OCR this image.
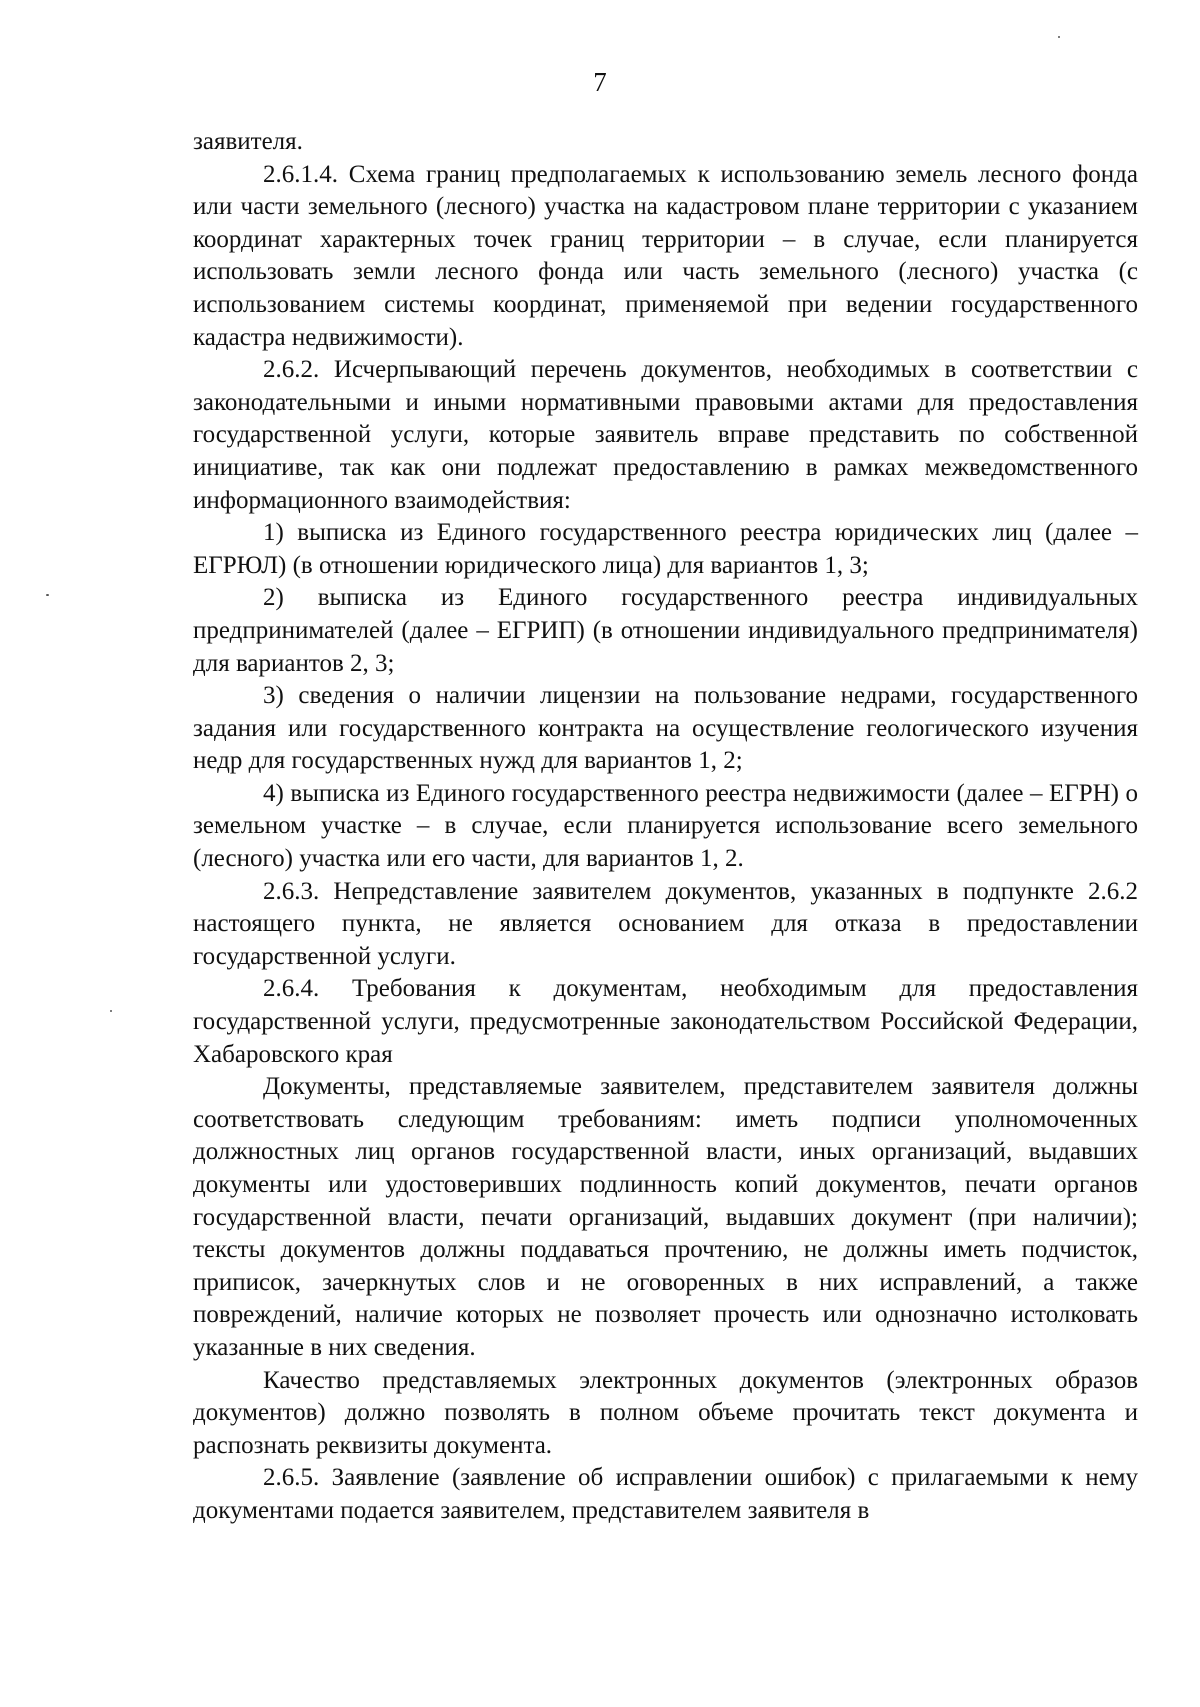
7

заявителя.

2.6.1.4. Схема границ предполагаемых к использованию земель лесного фонда или части земельного (лесного) участка на кадастровом плане территории с указанием координат характерных точек границ территории – в случае, если планируется использовать земли лесного фонда или часть земельного (лесного) участка (с использованием системы координат, применяемой при ведении государственного кадастра недвижимости).

2.6.2. Исчерпывающий перечень документов, необходимых в соответствии с законодательными и иными нормативными правовыми актами для предоставления государственной услуги, которые заявитель вправе представить по собственной инициативе, так как они подлежат предоставлению в рамках межведомственного информационного взаимодействия:

1) выписка из Единого государственного реестра юридических лиц (далее – ЕГРЮЛ) (в отношении юридического лица) для вариантов 1, 3;

2) выписка из Единого государственного реестра индивидуальных предпринимателей (далее – ЕГРИП) (в отношении индивидуального предпринимателя) для вариантов 2, 3;

3) сведения о наличии лицензии на пользование недрами, государственного задания или государственного контракта на осуществление геологического изучения недр для государственных нужд для вариантов 1, 2;

4) выписка из Единого государственного реестра недвижимости (далее – ЕГРН) о земельном участке – в случае, если планируется использование всего земельного (лесного) участка или его части, для вариантов 1, 2.

2.6.3. Непредставление заявителем документов, указанных в подпункте 2.6.2 настоящего пункта, не является основанием для отказа в предоставлении государственной услуги.

2.6.4. Требования к документам, необходимым для предоставления государственной услуги, предусмотренные законодательством Российской Федерации, Хабаровского края

Документы, представляемые заявителем, представителем заявителя должны соответствовать следующим требованиям: иметь подписи уполномоченных должностных лиц органов государственной власти, иных организаций, выдавших документы или удостоверивших подлинность копий документов, печати органов государственной власти, печати организаций, выдавших документ (при наличии); тексты документов должны поддаваться прочтению, не должны иметь подчисток, приписок, зачеркнутых слов и не оговоренных в них исправлений, а также повреждений, наличие которых не позволяет прочесть или однозначно истолковать указанные в них сведения.

Качество представляемых электронных документов (электронных образов документов) должно позволять в полном объеме прочитать текст документа и распознать реквизиты документа.

2.6.5. Заявление (заявление об исправлении ошибок) с прилагаемыми к нему документами подается заявителем, представителем заявителя в
